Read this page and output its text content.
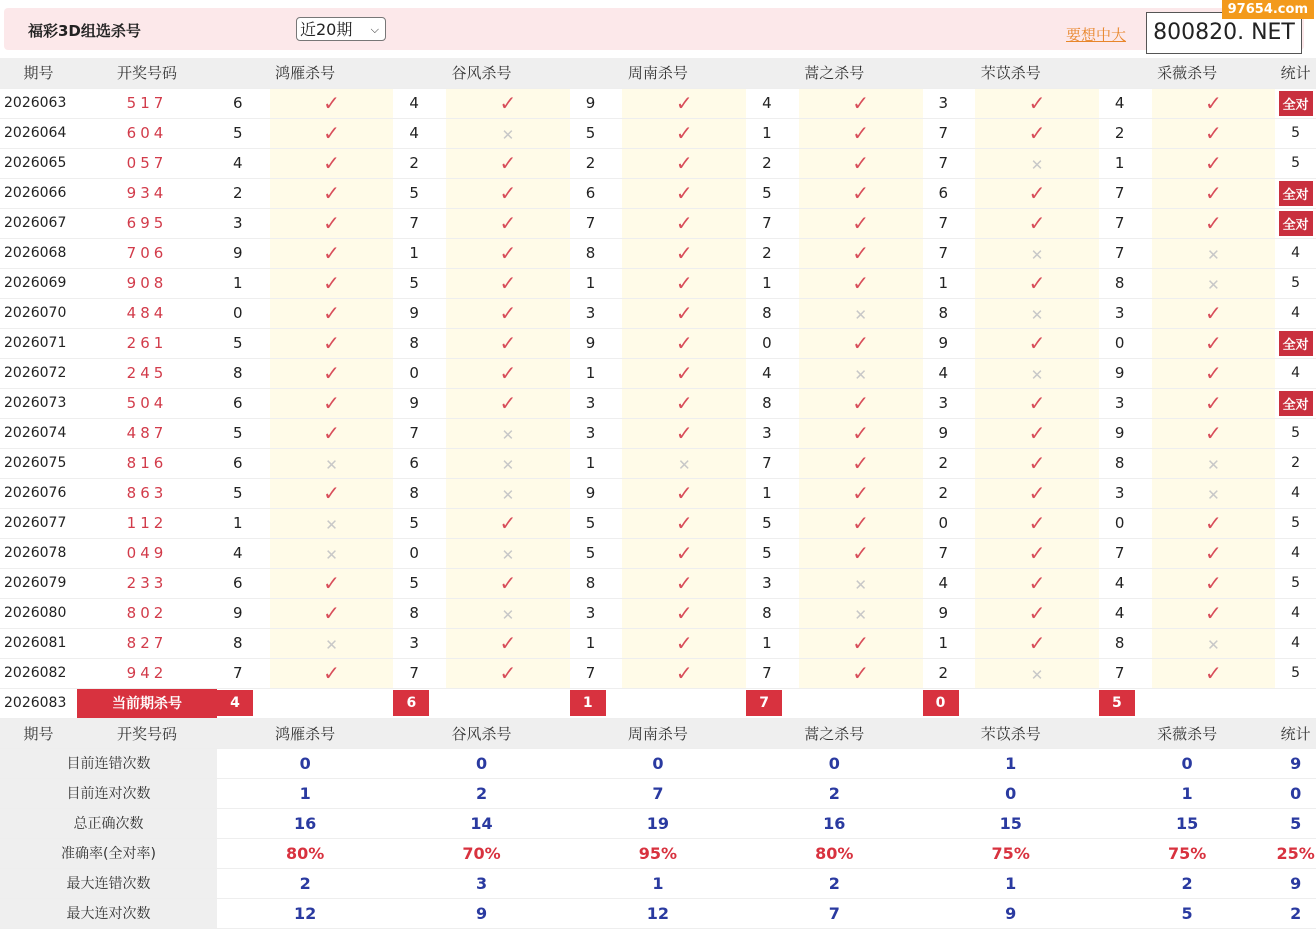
福彩3D组选杀号	近20期 ⌵	要想中大	800820. NET
97654.com
期号	开奖号码	鸿雁杀号		谷风杀号		周南杀号		蒿之杀号		芣苡杀号		采薇杀号		统计
2026063	517	6	✓	4	✓	9	✓	4	✓	3	✓	4	✓	全对
2026064	604	5	✓	4	✕	5	✓	1	✓	7	✓	2	✓	5
2026065	057	4	✓	2	✓	2	✓	2	✓	7	✕	1	✓	5
2026066	934	2	✓	5	✓	6	✓	5	✓	6	✓	7	✓	全对
2026067	695	3	✓	7	✓	7	✓	7	✓	7	✓	7	✓	全对
2026068	706	9	✓	1	✓	8	✓	2	✓	7	✕	7	✕	4
2026069	908	1	✓	5	✓	1	✓	1	✓	1	✓	8	✕	5
2026070	484	0	✓	9	✓	3	✓	8	✕	8	✕	3	✓	4
2026071	261	5	✓	8	✓	9	✓	0	✓	9	✓	0	✓	全对
2026072	245	8	✓	0	✓	1	✓	4	✕	4	✕	9	✓	4
2026073	504	6	✓	9	✓	3	✓	8	✓	3	✓	3	✓	全对
2026074	487	5	✓	7	✕	3	✓	3	✓	9	✓	9	✓	5
2026075	816	6	✕	6	✕	1	✕	7	✓	2	✓	8	✕	2
2026076	863	5	✓	8	✕	9	✓	1	✓	2	✓	3	✕	4
2026077	112	1	✕	5	✓	5	✓	5	✓	0	✓	0	✓	5
2026078	049	4	✕	0	✕	5	✓	5	✓	7	✓	7	✓	4
2026079	233	6	✓	5	✓	8	✓	3	✕	4	✓	4	✓	5
2026080	802	9	✓	8	✕	3	✓	8	✕	9	✓	4	✓	4
2026081	827	8	✕	3	✓	1	✓	1	✓	1	✓	8	✕	4
2026082	942	7	✓	7	✓	7	✓	7	✓	2	✕	7	✓	5
2026083	当前期杀号	4		6		1		7		0		5		
期号	开奖号码	鸿雁杀号		谷风杀号		周南杀号		蒿之杀号		芣苡杀号		采薇杀号		统计
目前连错次数		0		0		0		0		1		0		9
目前连对次数		1		2		7		2		0		1		0
总正确次数		16		14		19		16		15		15		5
准确率(全对率)		80%		70%		95%		80%		75%		75%		25%
最大连错次数		2		3		1		2		1		2		9
最大连对次数		12		9		12		7		9		5		2
